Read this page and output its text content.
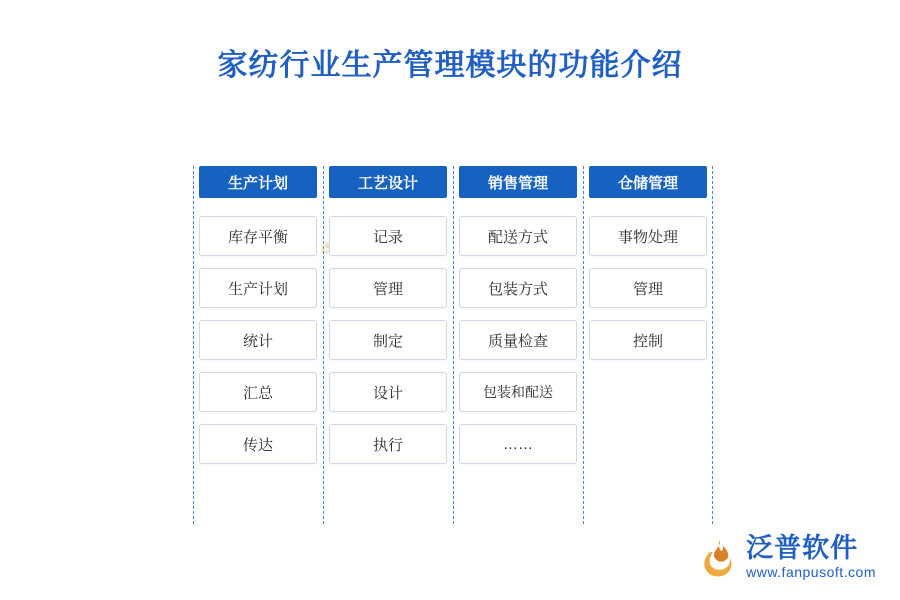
家纺行业生产管理模块的功能介绍
生产计划
库存平衡
生产计划
统计
汇总
传达
工艺设计
记录
管理
制定
设计
执行
销售管理
配送方式
包装方式
质量检查
包装和配送
……
仓储管理
事物处理
管理
控制
泛普软件
www.fanpusoft.com
